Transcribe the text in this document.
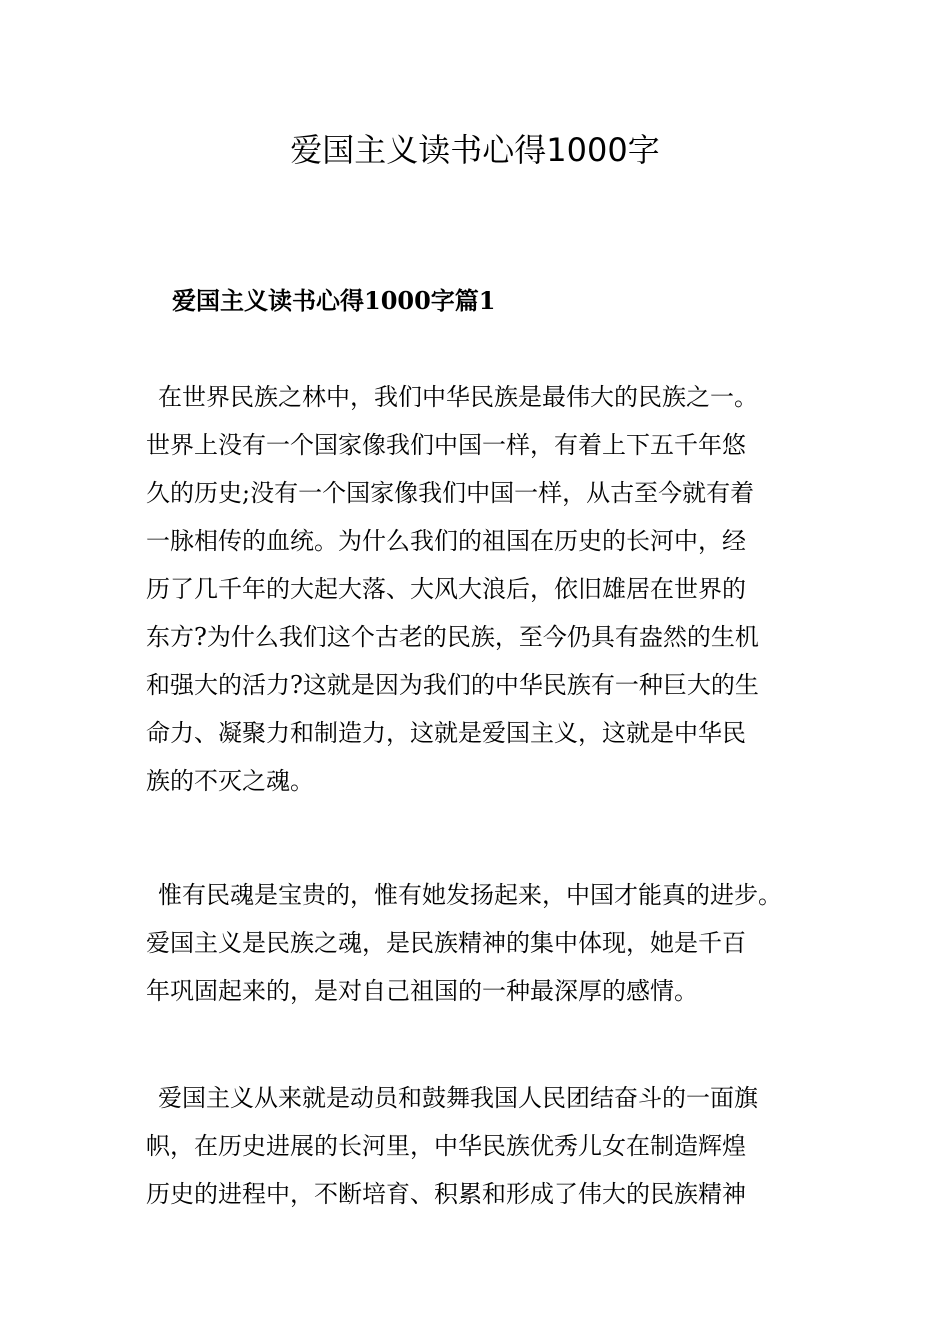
爱国主义读书心得1000字
爱国主义读书心得1000字篇1
在世界民族之林中，我们中华民族是最伟大的民族之一。
世界上没有一个国家像我们中国一样，有着上下五千年悠
久的历史;没有一个国家像我们中国一样，从古至今就有着
一脉相传的血统。为什么我们的祖国在历史的长河中，经
历了几千年的大起大落、大风大浪后，依旧雄居在世界的
东方?为什么我们这个古老的民族，至今仍具有盎然的生机
和强大的活力?这就是因为我们的中华民族有一种巨大的生
命力、凝聚力和制造力，这就是爱国主义，这就是中华民
族的不灭之魂。
惟有民魂是宝贵的，惟有她发扬起来，中国才能真的进步。
爱国主义是民族之魂，是民族精神的集中体现，她是千百
年巩固起来的，是对自己祖国的一种最深厚的感情。
爱国主义从来就是动员和鼓舞我国人民团结奋斗的一面旗
帜，在历史进展的长河里，中华民族优秀儿女在制造辉煌
历史的进程中，不断培育、积累和形成了伟大的民族精神
